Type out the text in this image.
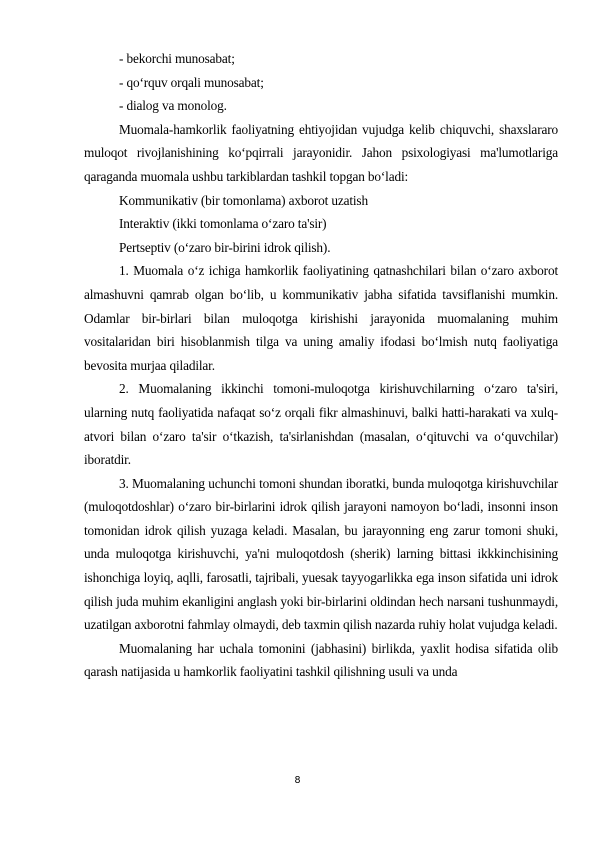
- bekorchi munosabat;
- qo‘rquv orqali munosabat;
- dialog va monolog.

Muomala-hamkorlik faoliyatning ehtiyojidan vujudga kelib chiquvchi, shaxslararo muloqot rivojlanishining ko‘pqirrali jarayonidir. Jahon psixologiyasi ma'lumotlariga qaraganda muomala ushbu tarkiblardan tashkil topgan bo‘ladi:

Kommunikativ (bir tomonlama) axborot uzatish

Interaktiv (ikki tomonlama o‘zaro ta'sir)

Pertseptiv (o‘zaro bir-birini idrok qilish).

1. Muomala o‘z ichiga hamkorlik faoliyatining qatnashchilari bilan o‘zaro axborot almashuvni qamrab olgan bo‘lib, u kommunikativ jabha sifatida tavsiflanishi mumkin. Odamlar bir-birlari bilan muloqotga kirishishi jarayonida muomalaning muhim vositalaridan biri hisoblanmish tilga va uning amaliy ifodasi bo‘lmish nutq faoliyatiga bevosita murjaa qiladilar.

2. Muomalaning ikkinchi tomoni-muloqotga kirishuvchilarning o‘zaro ta'siri, ularning nutq faoliyatida nafaqat so‘z orqali fikr almashinuvi, balki hatti-harakati va xulq-atvori bilan o‘zaro ta'sir o‘tkazish, ta'sirlanishdan (masalan, o‘qituvchi va o‘quvchilar) iboratdir.

3. Muomalaning uchunchi tomoni shundan iboratki, bunda muloqotga kirishuvchilar (muloqotdoshlar) o‘zaro bir-birlarini idrok qilish jarayoni namoyon bo‘ladi, insonni inson tomonidan idrok qilish yuzaga keladi. Masalan, bu jarayonning eng zarur tomoni shuki, unda muloqotga kirishuvchi, ya'ni muloqotdosh (sherik) larning bittasi ikkkinchisining ishonchiga loyiq, aqlli, farosatli, tajribali, yuesak tayyogarlikka ega inson sifatida uni idrok qilish juda muhim ekanligini anglash yoki bir-birlarini oldindan hech narsani tushunmaydi, uzatilgan axborotni fahmlay olmaydi, deb taxmin qilish nazarda ruhiy holat vujudga keladi.

Muomalaning har uchala tomonini (jabhasini) birlikda, yaxlit hodisa sifatida olib qarash natijasida u hamkorlik faoliyatini tashkil qilishning usuli va unda

8
